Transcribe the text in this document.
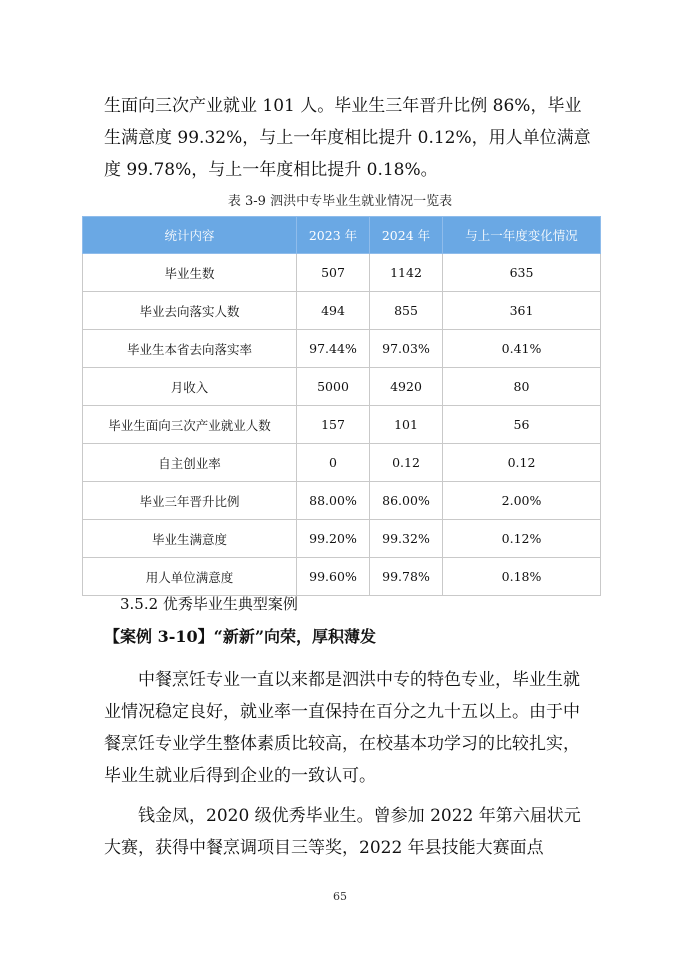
生面向三次产业就业 101 人。毕业生三年晋升比例 86%，毕业生满意度 99.32%，与上一年度相比提升 0.12%，用人单位满意度 99.78%，与上一年度相比提升 0.18%。

表 3-9 泗洪中专毕业生就业情况一览表
统计内容	2023 年	2024 年	与上一年度变化情况
毕业生数	507	1142	635
毕业去向落实人数	494	855	361
毕业生本省去向落实率	97.44%	97.03%	0.41%
月收入	5000	4920	80
毕业生面向三次产业就业人数	157	101	56
自主创业率	0	0.12	0.12
毕业三年晋升比例	88.00%	86.00%	2.00%
毕业生满意度	99.20%	99.32%	0.12%
用人单位满意度	99.60%	99.78%	0.18%
3.5.2 优秀毕业生典型案例
【案例 3-10】“新新”向荣，厚积薄发

中餐烹饪专业一直以来都是泗洪中专的特色专业，毕业生就业情况稳定良好，就业率一直保持在百分之九十五以上。由于中餐烹饪专业学生整体素质比较高，在校基本功学习的比较扎实，毕业生就业后得到企业的一致认可。

钱金凤，2020 级优秀毕业生。曾参加 2022 年第六届状元大赛，获得中餐烹调项目三等奖，2022 年县技能大赛面点

65
